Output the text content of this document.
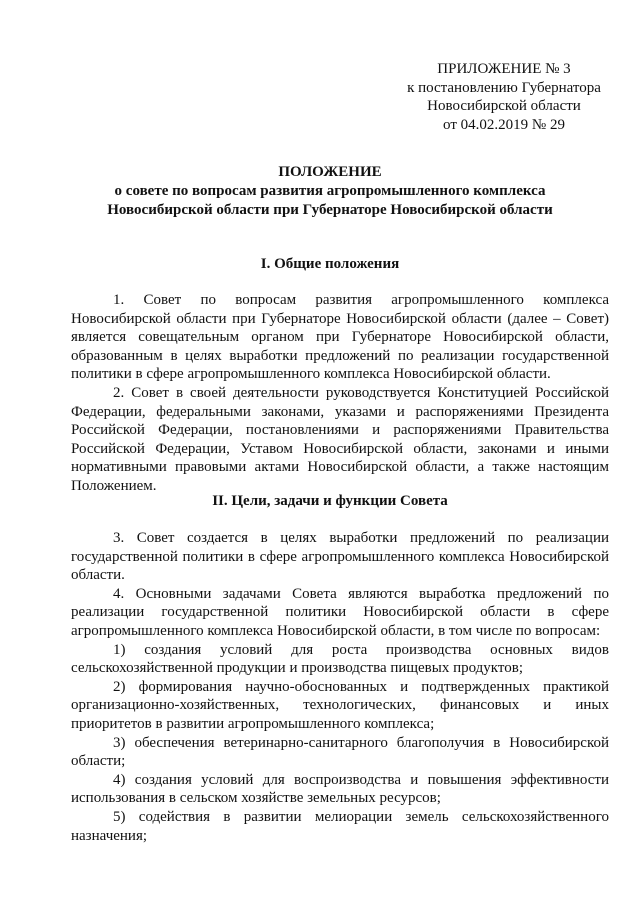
ПРИЛОЖЕНИЕ № 3
к постановлению Губернатора
Новосибирской области
от 04.02.2019 № 29
ПОЛОЖЕНИЕ
о совете по вопросам развития агропромышленного комплекса
Новосибирской области при Губернаторе Новосибирской области
I. Общие положения

1. Совет по вопросам развития агропромышленного комплекса Новосибирской области при Губернаторе Новосибирской области (далее – Совет) является совещательным органом при Губернаторе Новосибирской области, образованным в целях выработки предложений по реализации государственной политики в сфере агропромышленного комплекса Новосибирской области.

2. Совет в своей деятельности руководствуется Конституцией Российской Федерации, федеральными законами, указами и распоряжениями Президента Российской Федерации, постановлениями и распоряжениями Правительства Российской Федерации, Уставом Новосибирской области, законами и иными нормативными правовыми актами Новосибирской области, а также настоящим Положением.

II. Цели, задачи и функции Совета

3. Совет создается в целях выработки предложений по реализации государственной политики в сфере агропромышленного комплекса Новосибирской области.

4. Основными задачами Совета являются выработка предложений по реализации государственной политики Новосибирской области в сфере агропромышленного комплекса Новосибирской области, в том числе по вопросам:

1) создания условий для роста производства основных видов сельскохозяйственной продукции и производства пищевых продуктов;

2) формирования научно-обоснованных и подтвержденных практикой организационно-хозяйственных, технологических, финансовых и иных приоритетов в развитии агропромышленного комплекса;

3) обеспечения ветеринарно-санитарного благополучия в Новосибирской области;

4) создания условий для воспроизводства и повышения эффективности использования в сельском хозяйстве земельных ресурсов;

5) содействия в развитии мелиорации земель сельскохозяйственного назначения;
